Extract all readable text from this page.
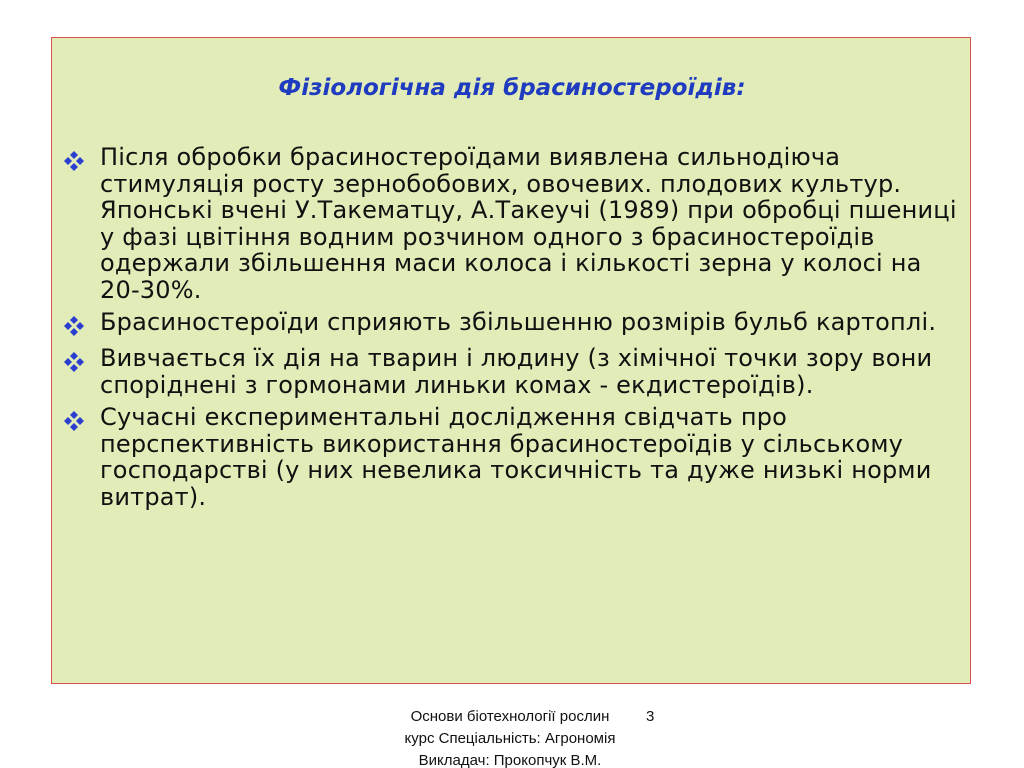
Фізіологічна дія брасиностероїдів:
Після обробки брасиностероїдами виявлена сильнодіюча стимуляція росту зернобобових, овочевих. плодових культур. Японські вчені У.Такематцу, А.Такеучі (1989) при обробці пшениці у фазі цвітіння водним розчином одного з брасиностероїдів одержали збільшення маси колоса і кількості зерна у колосі на 20-30%.
Брасиностероїди сприяють збільшенню розмірів бульб картоплі.
Вивчається їх дія на тварин і людину (з хімічної точки зору вони споріднені з гормонами линьки комах - екдистероїдів).
Сучасні експериментальні дослідження свідчать про перспективність використання брасиностероїдів у сільському господарстві (у них невелика токсичність та дуже низькі норми витрат).
Основи біотехнології рослин 3
курс Спеціальність: Агрономія
Викладач: Прокопчук В.М.
